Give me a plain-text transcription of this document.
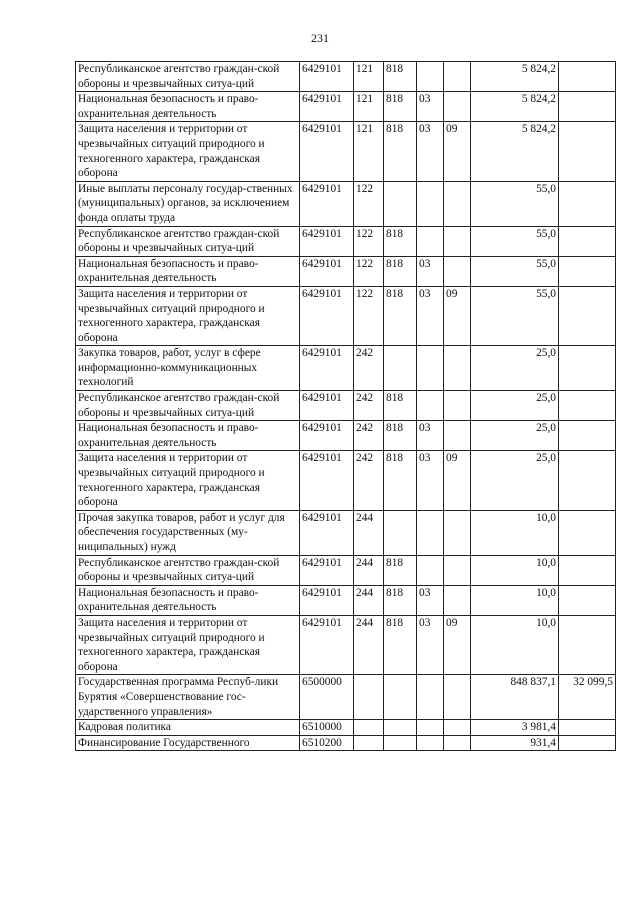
231
Республиканское агентство граждан-ской обороны и чрезвычайных ситуа-ций	6429101	121	818			5 824,2	
Национальная безопасность и право-охранительная деятельность	6429101	121	818	03		5 824,2	
Защита населения и территории от чрезвычайных ситуаций природного и техногенного характера, гражданская оборона	6429101	121	818	03	09	5 824,2	
Иные выплаты персоналу государ-ственных (муниципальных) органов, за исключением фонда оплаты труда	6429101	122				55,0	
Республиканское агентство граждан-ской обороны и чрезвычайных ситуа-ций	6429101	122	818			55,0	
Национальная безопасность и право-охранительная деятельность	6429101	122	818	03		55,0	
Защита населения и территории от чрезвычайных ситуаций природного и техногенного характера, гражданская оборона	6429101	122	818	03	09	55,0	
Закупка товаров, работ, услуг в сфере информационно-коммуникационных технологий	6429101	242				25,0	
Республиканское агентство граждан-ской обороны и чрезвычайных ситуа-ций	6429101	242	818			25,0	
Национальная безопасность и право-охранительная деятельность	6429101	242	818	03		25,0	
Защита населения и территории от чрезвычайных ситуаций природного и техногенного характера, гражданская оборона	6429101	242	818	03	09	25,0	
Прочая закупка товаров, работ и услуг для обеспечения государственных (му-ниципальных) нужд	6429101	244				10,0	
Республиканское агентство граждан-ской обороны и чрезвычайных ситуа-ций	6429101	244	818			10,0	
Национальная безопасность и право-охранительная деятельность	6429101	244	818	03		10,0	
Защита населения и территории от чрезвычайных ситуаций природного и техногенного характера, гражданская оборона	6429101	244	818	03	09	10,0	
Государственная программа Респуб-лики Бурятия «Совершенствование гос-ударственного управления»	6500000					848 837,1	32 099,5
Кадровая политика	6510000					3 981,4	
Финансирование Государственного	6510200					931,4	
